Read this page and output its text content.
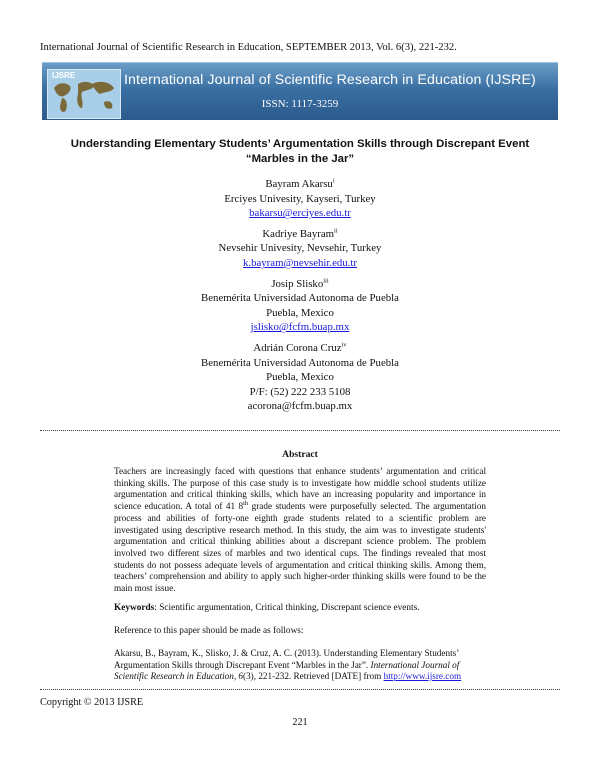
International Journal of Scientific Research in Education, SEPTEMBER 2013, Vol. 6(3), 221-232.
IJSRE	International Journal of Scientific Research in Education (IJSRE)
ISSN: 1117-3259
Understanding Elementary Students’ Argumentation Skills through Discrepant Event
“Marbles in the Jar”
Bayram Akarsu$^i$
Erciyes Univesity, Kayseri, Turkey
bakarsu@erciyes.edu.tr
Kadriye Bayram$^{ii}$
Nevsehir Univesity, Nevsehir, Turkey
k.bayram@nevsehir.edu.tr
Josip Slisko$^{iii}$
Benemérita Universidad Autonoma de Puebla
Puebla, Mexico
jslisko@fcfm.buap.mx
Adrián Corona Cruz$^{iv}$
Benemérita Universidad Autonoma de Puebla
Puebla, Mexico
P/F: (52) 222 233 5108
acorona@fcfm.buap.mx
Abstract
Teachers are increasingly faced with questions that enhance students’ argumentation and critical thinking skills. The purpose of this case study is to investigate how middle school students utilize argumentation and critical thinking skills, which have an increasing popularity and importance in science education. A total of 41 8th grade students were purposefully selected. The argumentation process and abilities of forty-one eighth grade students related to a scientific problem are investigated using descriptive research method. In this study, the aim was to investigate students' argumentation and critical thinking abilities about a discrepant science problem. The problem involved two different sizes of marbles and two identical cups. The findings revealed that most students do not possess adequate levels of argumentation and critical thinking skills. Among them, teachers’ comprehension and ability to apply such higher-order thinking skills were found to be the main most issue.
Keywords: Scientific argumentation, Critical thinking, Discrepant science events.
Reference to this paper should be made as follows:
Akarsu, B., Bayram, K., Slisko, J. & Cruz, A. C. (2013). Understanding Elementary Students’ Argumentation Skills through Discrepant Event “Marbles in the Jar”. International Journal of Scientific Research in Education, 6(3), 221-232. Retrieved [DATE] from http://www.ijsre.com
Copyright © 2013 IJSRE
221
